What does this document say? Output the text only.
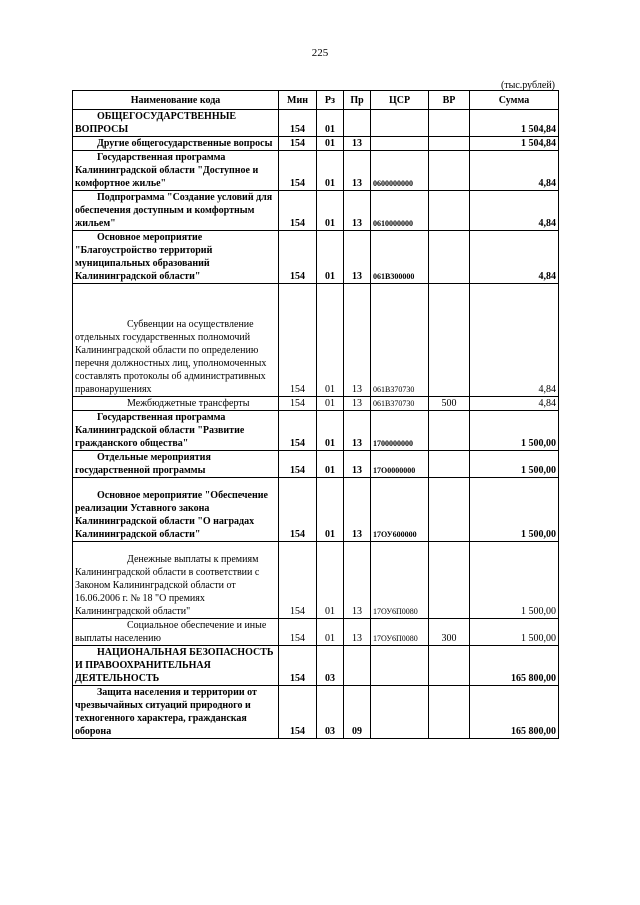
225
(тыс.рублей)
Наименование кода	Мин	Рз	Пр	ЦСР	ВР	Сумма

ОБЩЕГОСУДАРСТВЕННЫЕ ВОПРОСЫ	154	01				1 504,84

Другие общегосударственные вопросы	154	01	13			1 504,84

Государственная программа Калининградской области "Доступное и комфортное жилье"	154	01	13	0600000000		4,84

Подпрограмма "Создание условий для обеспечения доступным и комфортным жильем"	154	01	13	0610000000		4,84

Основное мероприятие "Благоустройство территорий муниципальных образований Калининградской области"	154	01	13	061В300000		4,84

Субвенции на осуществление отдельных государственных полномочий Калининградской области по определению перечня должностных лиц, уполномоченных составлять протоколы об административных правонарушениях	154	01	13	061В370730		4,84

Межбюджетные трансферты	154	01	13	061В370730	500	4,84

Государственная программа Калининградской области "Развитие гражданского общества"	154	01	13	1700000000		1 500,00

Отдельные мероприятия государственной программы	154	01	13	17О0000000		1 500,00

Основное мероприятие "Обеспечение реализации Уставного закона Калининградской области "О наградах Калининградской области"	154	01	13	17ОУ600000		1 500,00

Денежные выплаты к премиям Калининградской области в соответствии с Законом Калининградской области от 16.06.2006 г. № 18 "О премиях Калининградской области"	154	01	13	17ОУ6П0080		1 500,00

Социальное обеспечение и иные выплаты населению	154	01	13	17ОУ6П0080	300	1 500,00

НАЦИОНАЛЬНАЯ БЕЗОПАСНОСТЬ И ПРАВООХРАНИТЕЛЬНАЯ ДЕЯТЕЛЬНОСТЬ	154	03				165 800,00

Защита населения и территории от чрезвычайных ситуаций природного и техногенного характера, гражданская оборона	154	03	09			165 800,00
